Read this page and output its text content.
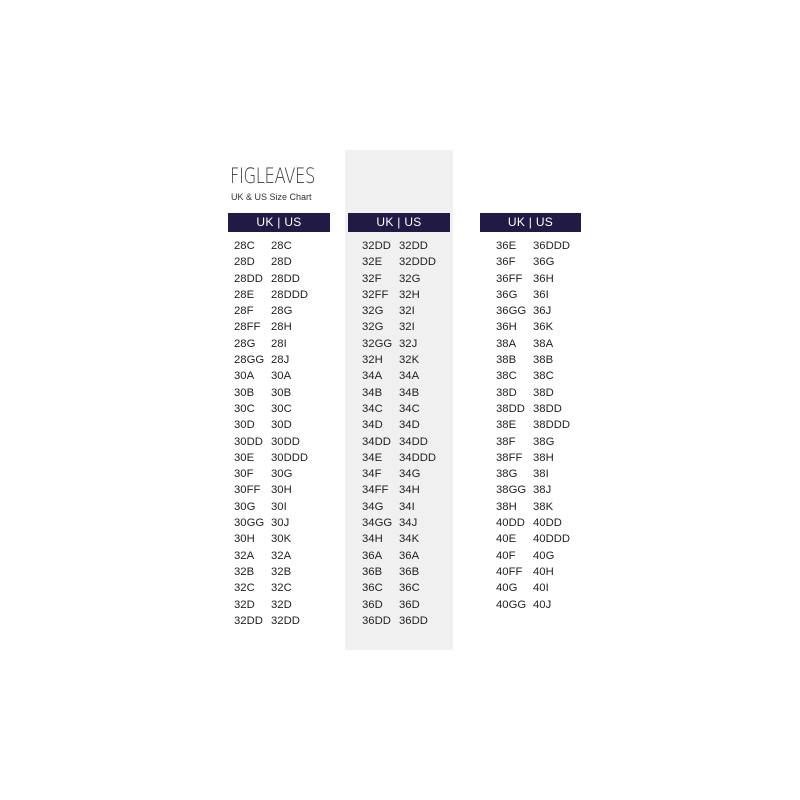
FIGLEAVES
UK & US Size Chart
UK | US
28C 28C
28D 28D
28DD 28DD
28E 28DDD
28F 28G
28FF 28H
28G 28I
28GG 28J
30A 30A
30B 30B
30C 30C
30D 30D
30DD 30DD
30E 30DDD
30F 30G
30FF 30H
30G 30I
30GG 30J
30H 30K
32A 32A
32B 32B
32C 32C
32D 32D
32DD 32DD
UK | US
32DD 32DD
32E 32DDD
32F 32G
32FF 32H
32G 32I
32G 32I
32GG 32J
32H 32K
34A 34A
34B 34B
34C 34C
34D 34D
34DD 34DD
34E 34DDD
34F 34G
34FF 34H
34G 34I
34GG 34J
34H 34K
36A 36A
36B 36B
36C 36C
36D 36D
36DD 36DD
UK | US
36E 36DDD
36F 36G
36FF 36H
36G 36I
36GG 36J
36H 36K
38A 38A
38B 38B
38C 38C
38D 38D
38DD 38DD
38E 38DDD
38F 38G
38FF 38H
38G 38I
38GG 38J
38H 38K
40DD 40DD
40E 40DDD
40F 40G
40FF 40H
40G 40I
40GG 40J
